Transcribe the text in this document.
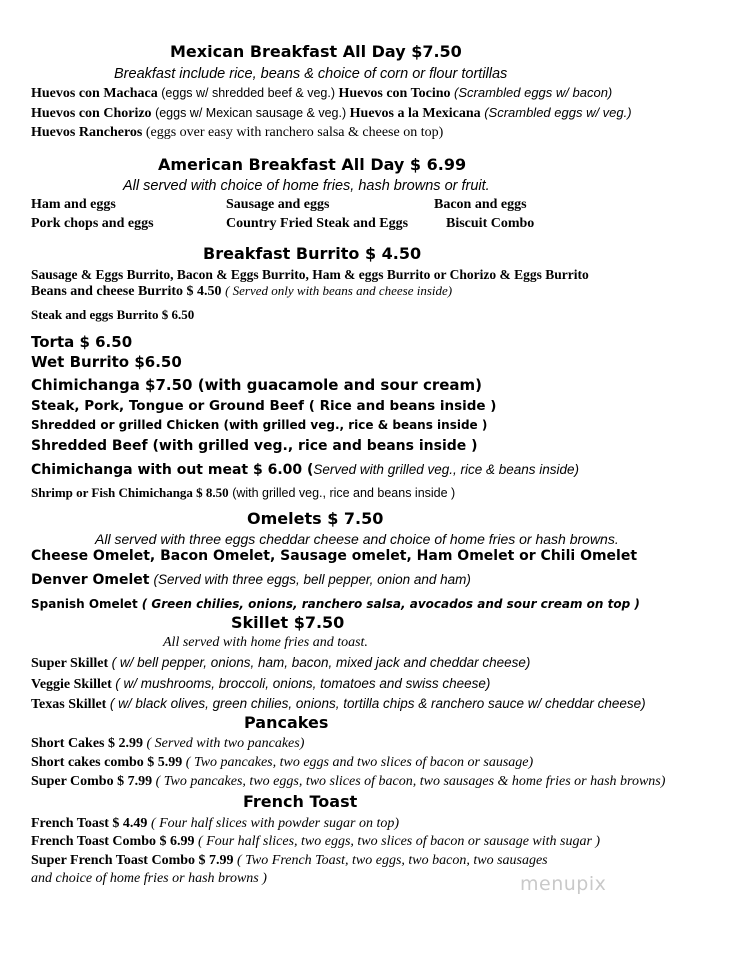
Mexican Breakfast All Day $7.50
Breakfast include rice, beans & choice of corn or flour tortillas
Huevos con Machaca (eggs w/ shredded beef & veg.) Huevos con Tocino (Scrambled eggs w/ bacon)
Huevos con Chorizo (eggs w/ Mexican sausage & veg.) Huevos a la Mexicana (Scrambled eggs w/ veg.)
Huevos Rancheros (eggs over easy with ranchero salsa & cheese on top)
American Breakfast All Day $ 6.99
All served with choice of home fries, hash browns or fruit.
Ham and eggs	Sausage and eggs	Bacon and eggs
Pork chops and eggs	Country Fried Steak and Eggs	Biscuit Combo
Breakfast Burrito $ 4.50
Sausage & Eggs Burrito, Bacon & Eggs Burrito, Ham & eggs Burrito or Chorizo & Eggs Burrito
Beans and cheese Burrito $ 4.50 ( Served only with beans and cheese inside)
Steak and eggs Burrito $ 6.50
Torta $ 6.50
Wet Burrito $6.50
Chimichanga $7.50 (with guacamole and sour cream)
Steak, Pork, Tongue or Ground Beef ( Rice and beans inside )
Shredded or grilled Chicken (with grilled veg., rice & beans inside )
Shredded Beef (with grilled veg., rice and beans inside )
Chimichanga with out meat $ 6.00 (Served with grilled veg., rice & beans inside)
Shrimp or Fish Chimichanga $ 8.50 (with grilled veg., rice and beans inside )
Omelets $ 7.50
All served with three eggs cheddar cheese and choice of home fries or hash browns.
Cheese Omelet, Bacon Omelet, Sausage omelet, Ham Omelet or Chili Omelet
Denver Omelet (Served with three eggs, bell pepper, onion and ham)
Spanish Omelet ( Green chilies, onions, ranchero salsa, avocados and sour cream on top )
Skillet $7.50
All served with home fries and toast.
Super Skillet ( w/ bell pepper, onions, ham, bacon, mixed jack and cheddar cheese)
Veggie Skillet ( w/ mushrooms, broccoli, onions, tomatoes and swiss cheese)
Texas Skillet ( w/ black olives, green chilies, onions, tortilla chips & ranchero sauce w/ cheddar cheese)
Pancakes
Short Cakes $ 2.99 ( Served with two pancakes)
Short cakes combo $ 5.99 ( Two pancakes, two eggs and two slices of bacon or sausage)
Super Combo $ 7.99 ( Two pancakes, two eggs, two slices of bacon, two sausages & home fries or hash browns)
French Toast
French Toast $ 4.49 ( Four half slices with powder sugar on top)
French Toast Combo $ 6.99 ( Four half slices, two eggs, two slices of bacon or sausage with sugar )
Super French Toast Combo $ 7.99 ( Two French Toast, two eggs, two bacon, two sausages
and choice of home fries or hash browns )	menupix
